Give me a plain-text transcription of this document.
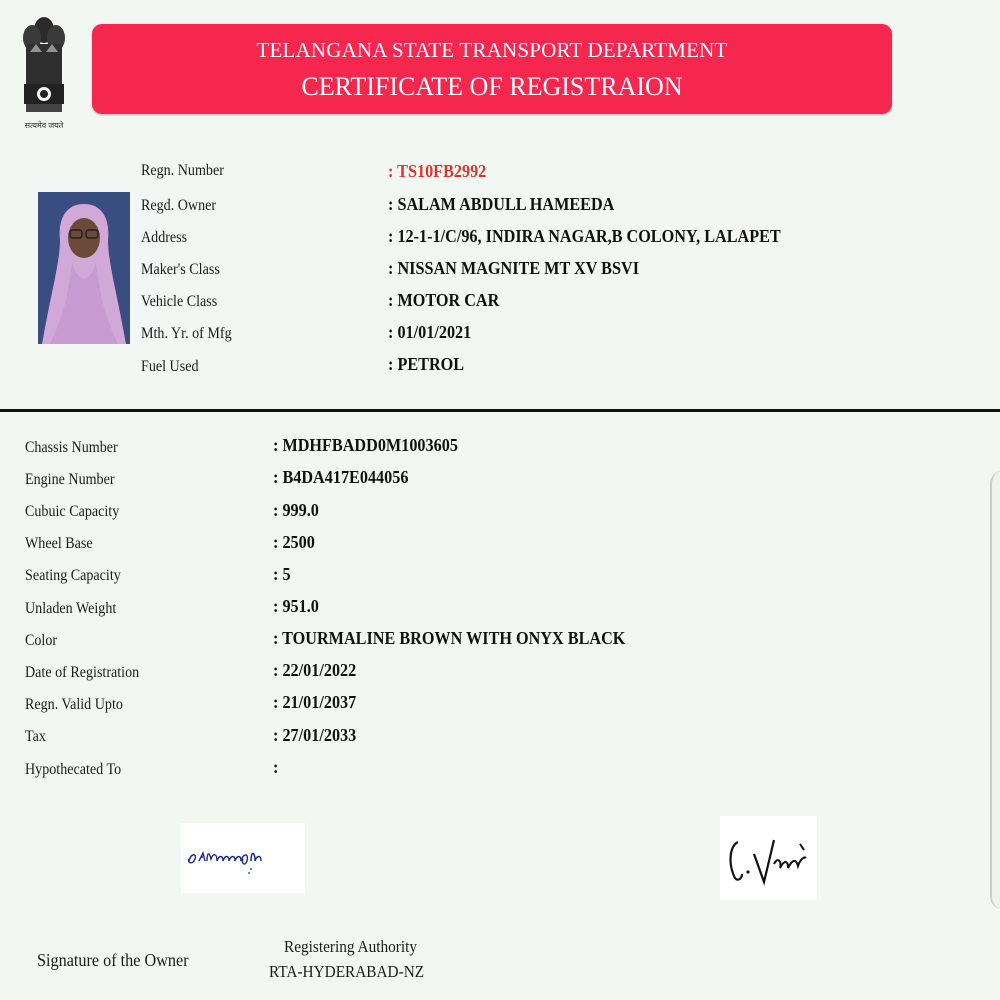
सत्यमेव जयते
TELANGANA STATE TRANSPORT DEPARTMENT
CERTIFICATE OF REGISTRAION
Regn. Number	: TS10FB2992
Regd. Owner	: SALAM ABDULL HAMEEDA
Address	: 12-1-1/C/96, INDIRA NAGAR,B COLONY, LALAPET
Maker's Class	: NISSAN MAGNITE MT XV BSVI
Vehicle Class	: MOTOR CAR
Mth. Yr. of Mfg	: 01/01/2021
Fuel Used	: PETROL
Chassis Number	: MDHFBADD0M1003605
Engine Number	: B4DA417E044056
Cubuic Capacity	: 999.0
Wheel Base	: 2500
Seating Capacity	: 5
Unladen Weight	: 951.0
Color	: TOURMALINE BROWN WITH ONYX BLACK
Date of Registration	: 22/01/2022
Regn. Valid Upto	: 21/01/2037
Tax	: 27/01/2033
Hypothecated To	:
Signature of the Owner
Registering Authority
RTA-HYDERABAD-NZ
